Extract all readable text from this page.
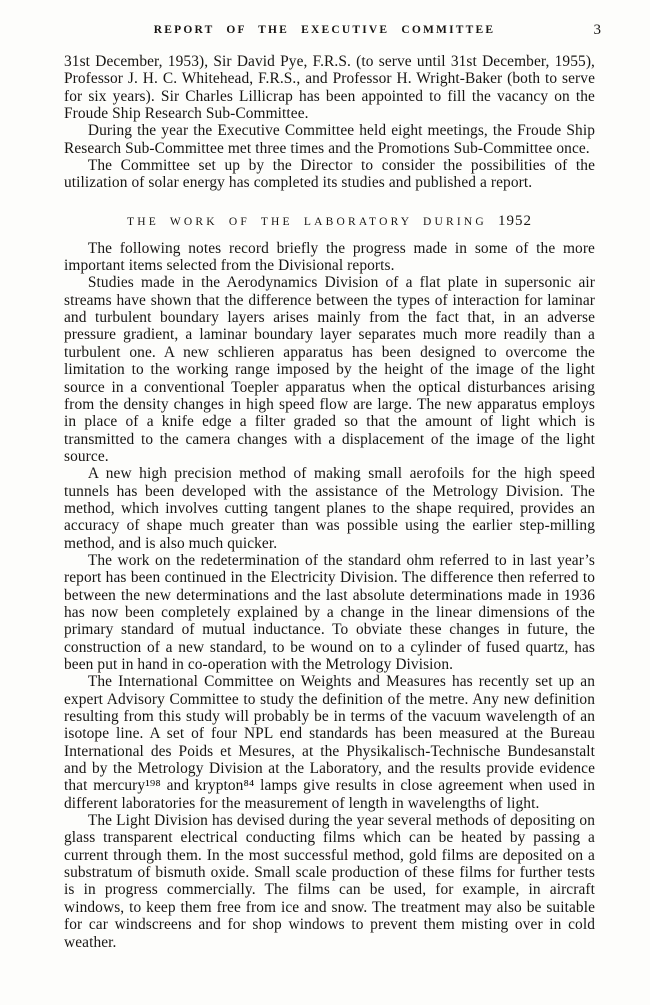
REPORT OF THE EXECUTIVE COMMITTEE	3

31st December, 1953), Sir David Pye, F.R.S. (to serve until 31st December, 1955), Professor J. H. C. Whitehead, F.R.S., and Professor H. Wright-Baker (both to serve for six years). Sir Charles Lillicrap has been appointed to fill the vacancy on the Froude Ship Research Sub-Committee.

During the year the Executive Committee held eight meetings, the Froude Ship Research Sub-Committee met three times and the Promotions Sub-Committee once.

The Committee set up by the Director to consider the possibilities of the utilization of solar energy has completed its studies and published a report.

THE WORK OF THE LABORATORY DURING 1952

The following notes record briefly the progress made in some of the more important items selected from the Divisional reports.

Studies made in the Aerodynamics Division of a flat plate in supersonic air streams have shown that the difference between the types of interaction for laminar and turbulent boundary layers arises mainly from the fact that, in an adverse pressure gradient, a laminar boundary layer separates much more readily than a turbulent one. A new schlieren apparatus has been designed to overcome the limitation to the working range imposed by the height of the image of the light source in a conventional Toepler apparatus when the optical disturbances arising from the density changes in high speed flow are large. The new apparatus employs in place of a knife edge a filter graded so that the amount of light which is transmitted to the camera changes with a displacement of the image of the light source.

A new high precision method of making small aerofoils for the high speed tunnels has been developed with the assistance of the Metrology Division. The method, which involves cutting tangent planes to the shape required, provides an accuracy of shape much greater than was possible using the earlier step-milling method, and is also much quicker.

The work on the redetermination of the standard ohm referred to in last year’s report has been continued in the Electricity Division. The difference then referred to between the new determinations and the last absolute determinations made in 1936 has now been completely explained by a change in the linear dimensions of the primary standard of mutual inductance. To obviate these changes in future, the construction of a new standard, to be wound on to a cylinder of fused quartz, has been put in hand in co-operation with the Metrology Division.

The International Committee on Weights and Measures has recently set up an expert Advisory Committee to study the definition of the metre. Any new definition resulting from this study will probably be in terms of the vacuum wavelength of an isotope line. A set of four NPL end standards has been measured at the Bureau International des Poids et Mesures, at the Physikalisch-Technische Bundesanstalt and by the Metrology Division at the Laboratory, and the results provide evidence that mercury¹⁹⁸ and krypton⁸⁴ lamps give results in close agreement when used in different laboratories for the measurement of length in wavelengths of light.

The Light Division has devised during the year several methods of depositing on glass transparent electrical conducting films which can be heated by passing a current through them. In the most successful method, gold films are deposited on a substratum of bismuth oxide. Small scale production of these films for further tests is in progress commercially. The films can be used, for example, in aircraft windows, to keep them free from ice and snow. The treatment may also be suitable for car windscreens and for shop windows to prevent them misting over in cold weather.
